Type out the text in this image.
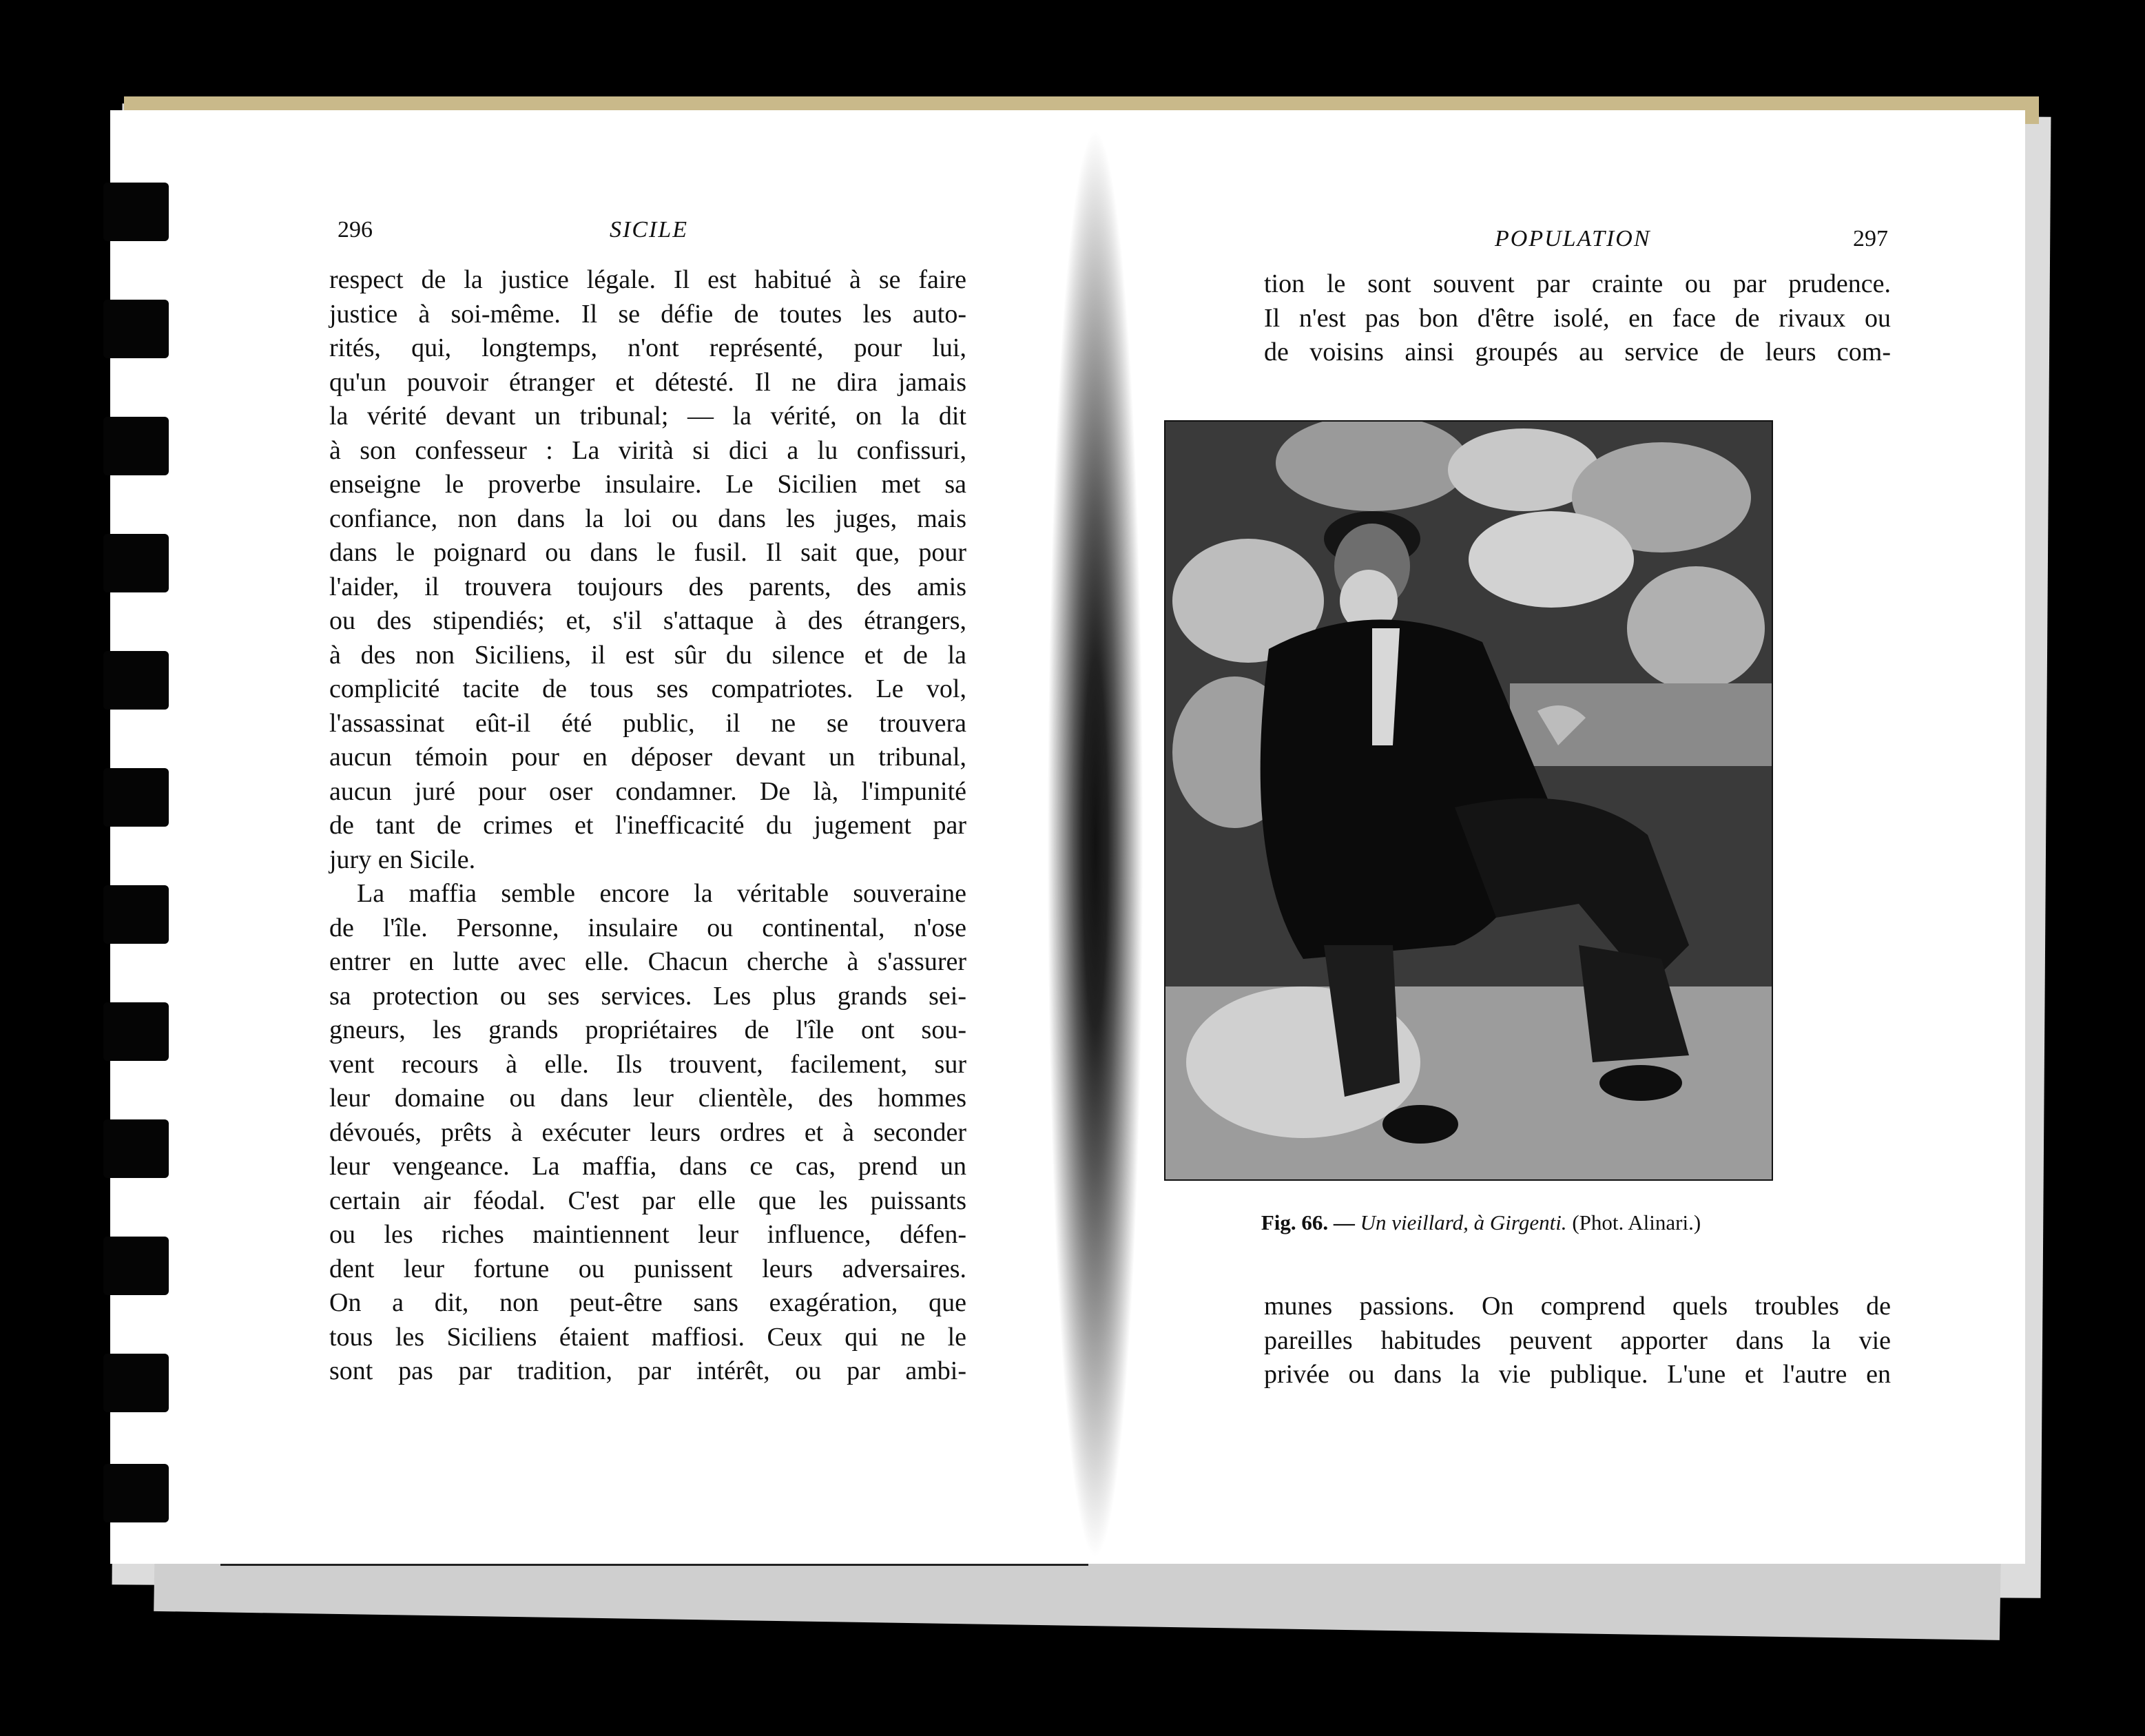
296	SICILE
respect de la justice légale. Il est habitué à se faire
justice à soi-même. Il se défie de toutes les auto-
rités, qui, longtemps, n'ont représenté, pour lui,
qu'un pouvoir étranger et détesté. Il ne dira jamais
la vérité devant un tribunal; — la vérité, on la dit
à son confesseur : La virità si dici a lu confissuri,
enseigne le proverbe insulaire. Le Sicilien met sa
confiance, non dans la loi ou dans les juges, mais
dans le poignard ou dans le fusil. Il sait que, pour
l'aider, il trouvera toujours des parents, des amis
ou des stipendiés; et, s'il s'attaque à des étrangers,
à des non Siciliens, il est sûr du silence et de la
complicité tacite de tous ses compatriotes. Le vol,
l'assassinat eût-il été public, il ne se trouvera
aucun témoin pour en déposer devant un tribunal,
aucun juré pour oser condamner. De là, l'impunité
de tant de crimes et l'inefficacité du jugement par
jury en Sicile.
La maffia semble encore la véritable souveraine
de l'île. Personne, insulaire ou continental, n'ose
entrer en lutte avec elle. Chacun cherche à s'assurer
sa protection ou ses services. Les plus grands sei-
gneurs, les grands propriétaires de l'île ont sou-
vent recours à elle. Ils trouvent, facilement, sur
leur domaine ou dans leur clientèle, des hommes
dévoués, prêts à exécuter leurs ordres et à seconder
leur vengeance. La maffia, dans ce cas, prend un
certain air féodal. C'est par elle que les puissants
ou les riches maintiennent leur influence, défen-
dent leur fortune ou punissent leurs adversaires.
On a dit, non peut-être sans exagération, que
tous les Siciliens étaient maffiosi. Ceux qui ne le
sont pas par tradition, par intérêt, ou par ambi-
POPULATION	297
tion le sont souvent par crainte ou par prudence.
Il n'est pas bon d'être isolé, en face de rivaux ou
de voisins ainsi groupés au service de leurs com-
munes passions. On comprend quels troubles de
pareilles habitudes peuvent apporter dans la vie
privée ou dans la vie publique. L'une et l'autre en
Fig. 66. — Un vieillard, à Girgenti. (Phot. Alinari.)
